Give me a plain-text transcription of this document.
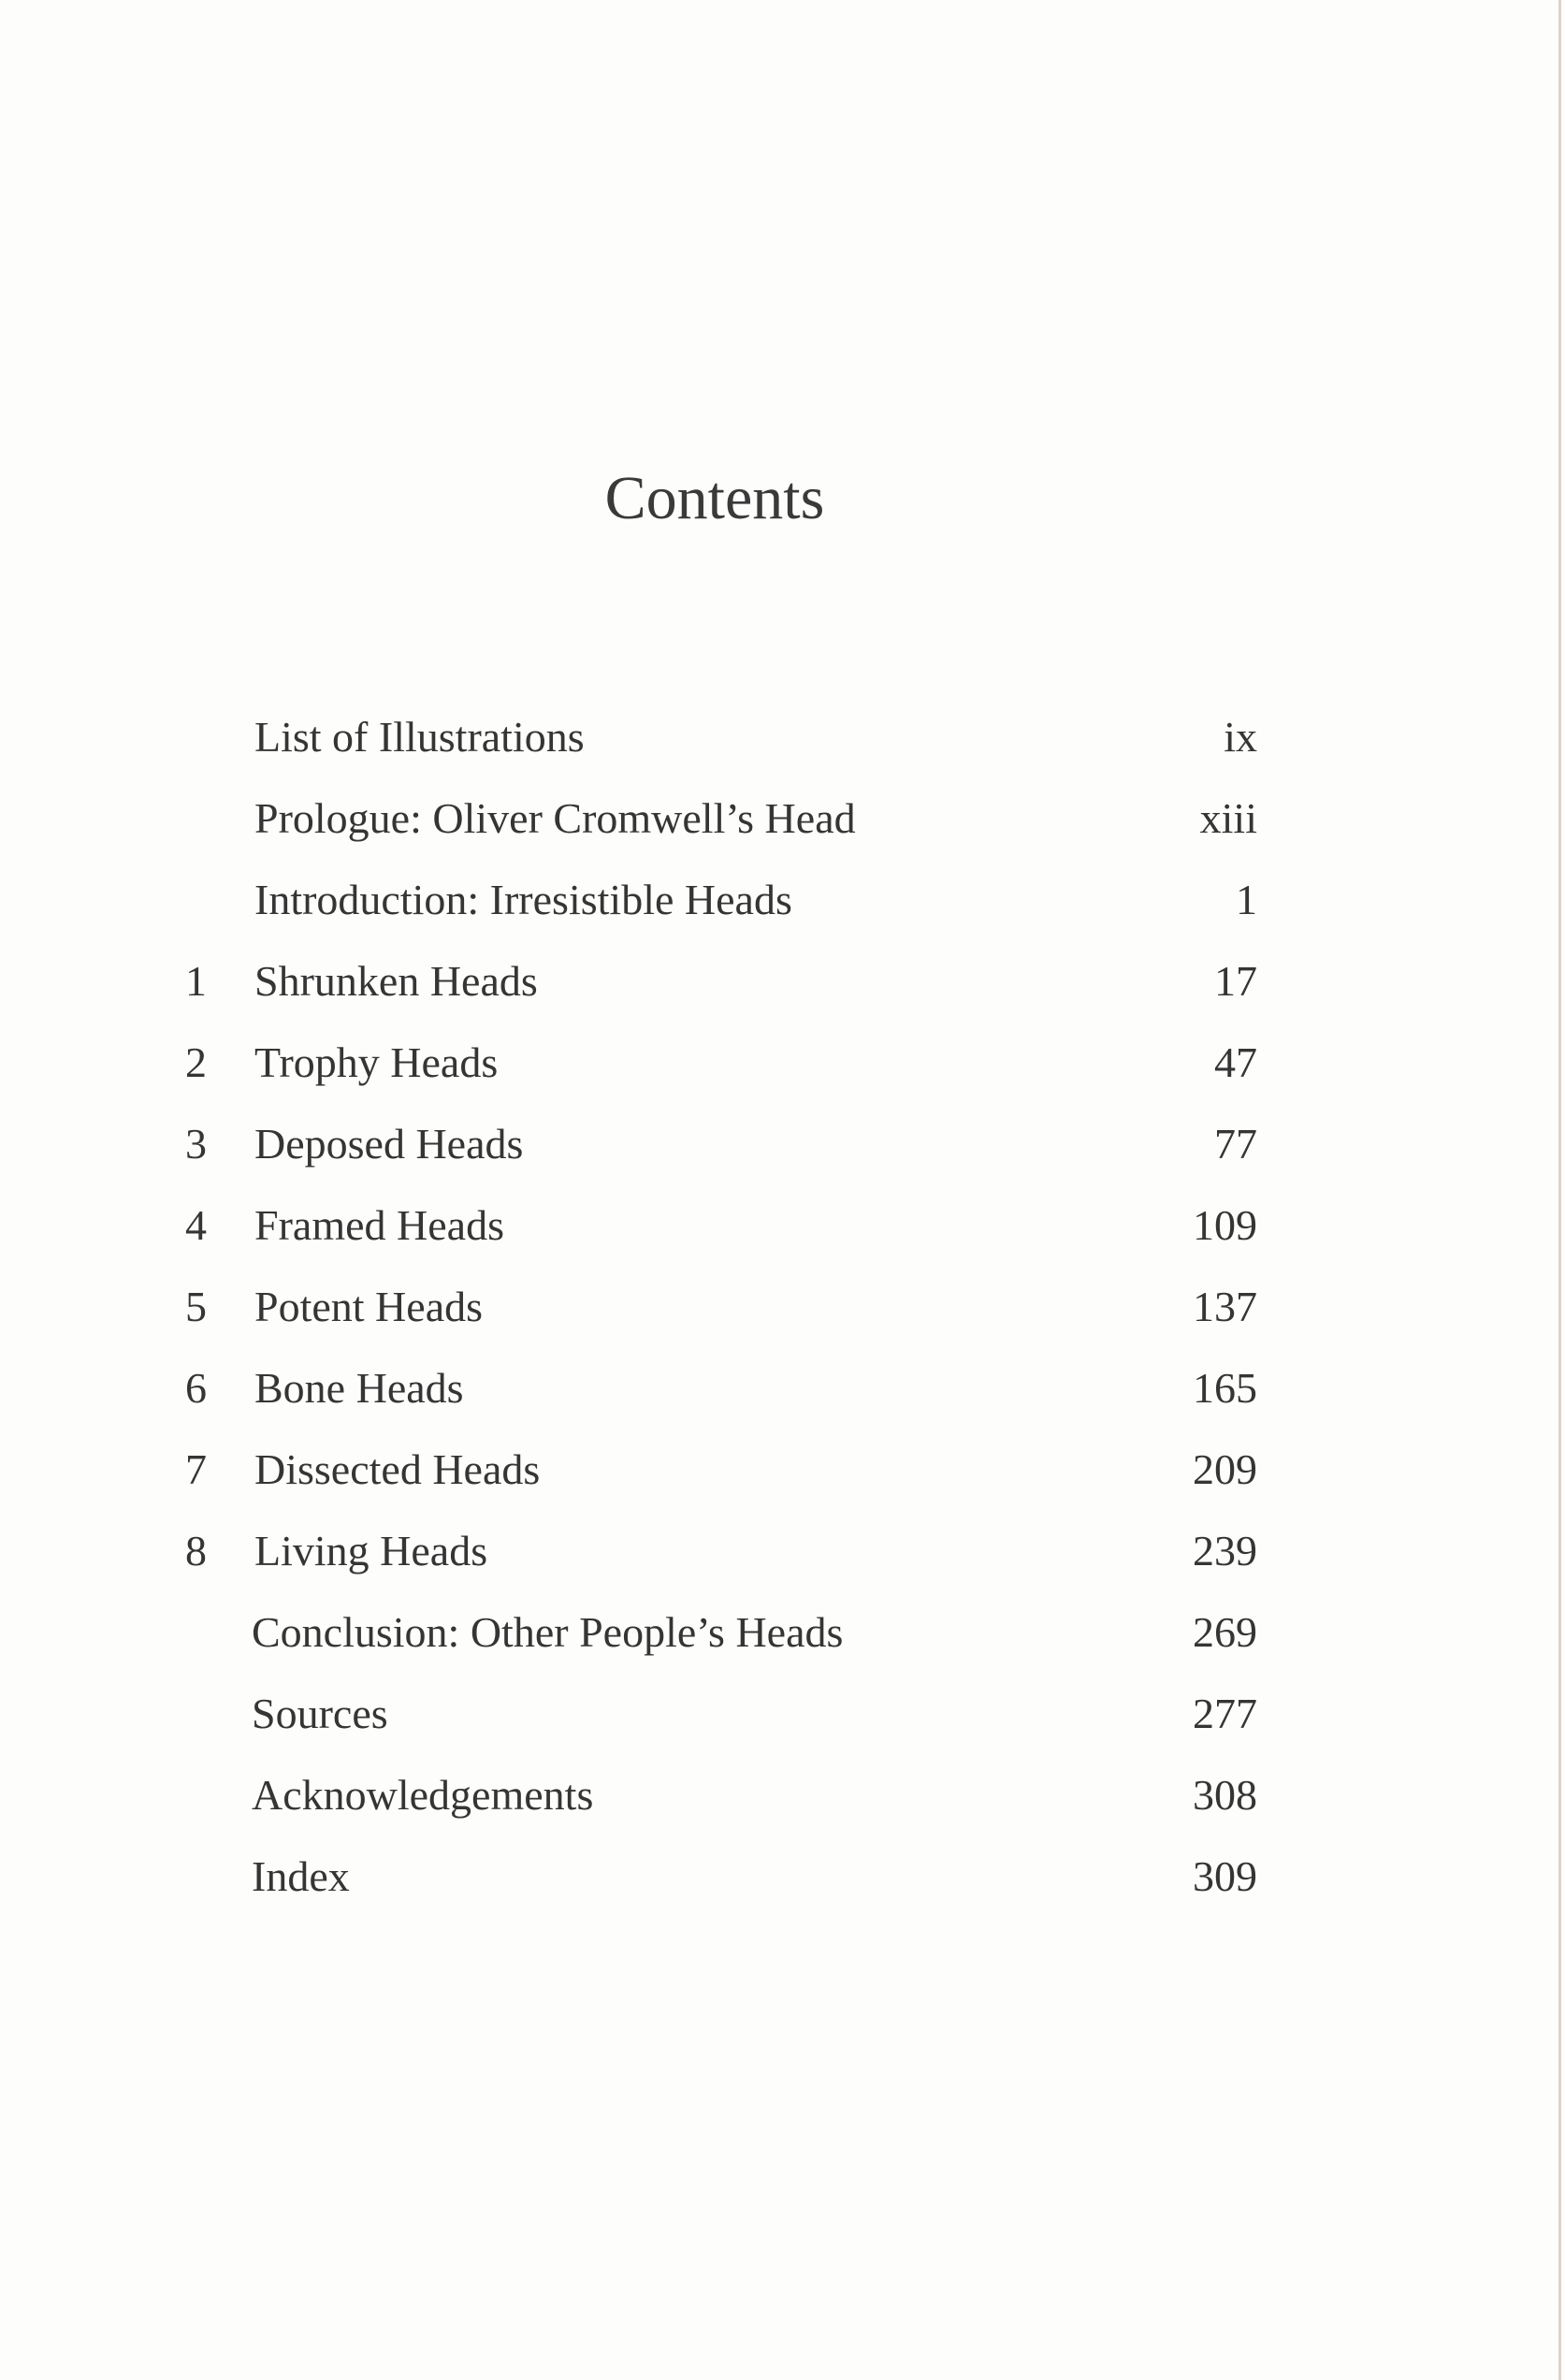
Contents
List of Illustrations	ix
Prologue: Oliver Cromwell’s Head	xiii
Introduction: Irresistible Heads	1
1 Shrunken Heads	17
2 Trophy Heads	47
3 Deposed Heads	77
4 Framed Heads	109
5 Potent Heads	137
6 Bone Heads	165
7 Dissected Heads	209
8 Living Heads	239
Conclusion: Other People’s Heads	269
Sources	277
Acknowledgements	308
Index	309
